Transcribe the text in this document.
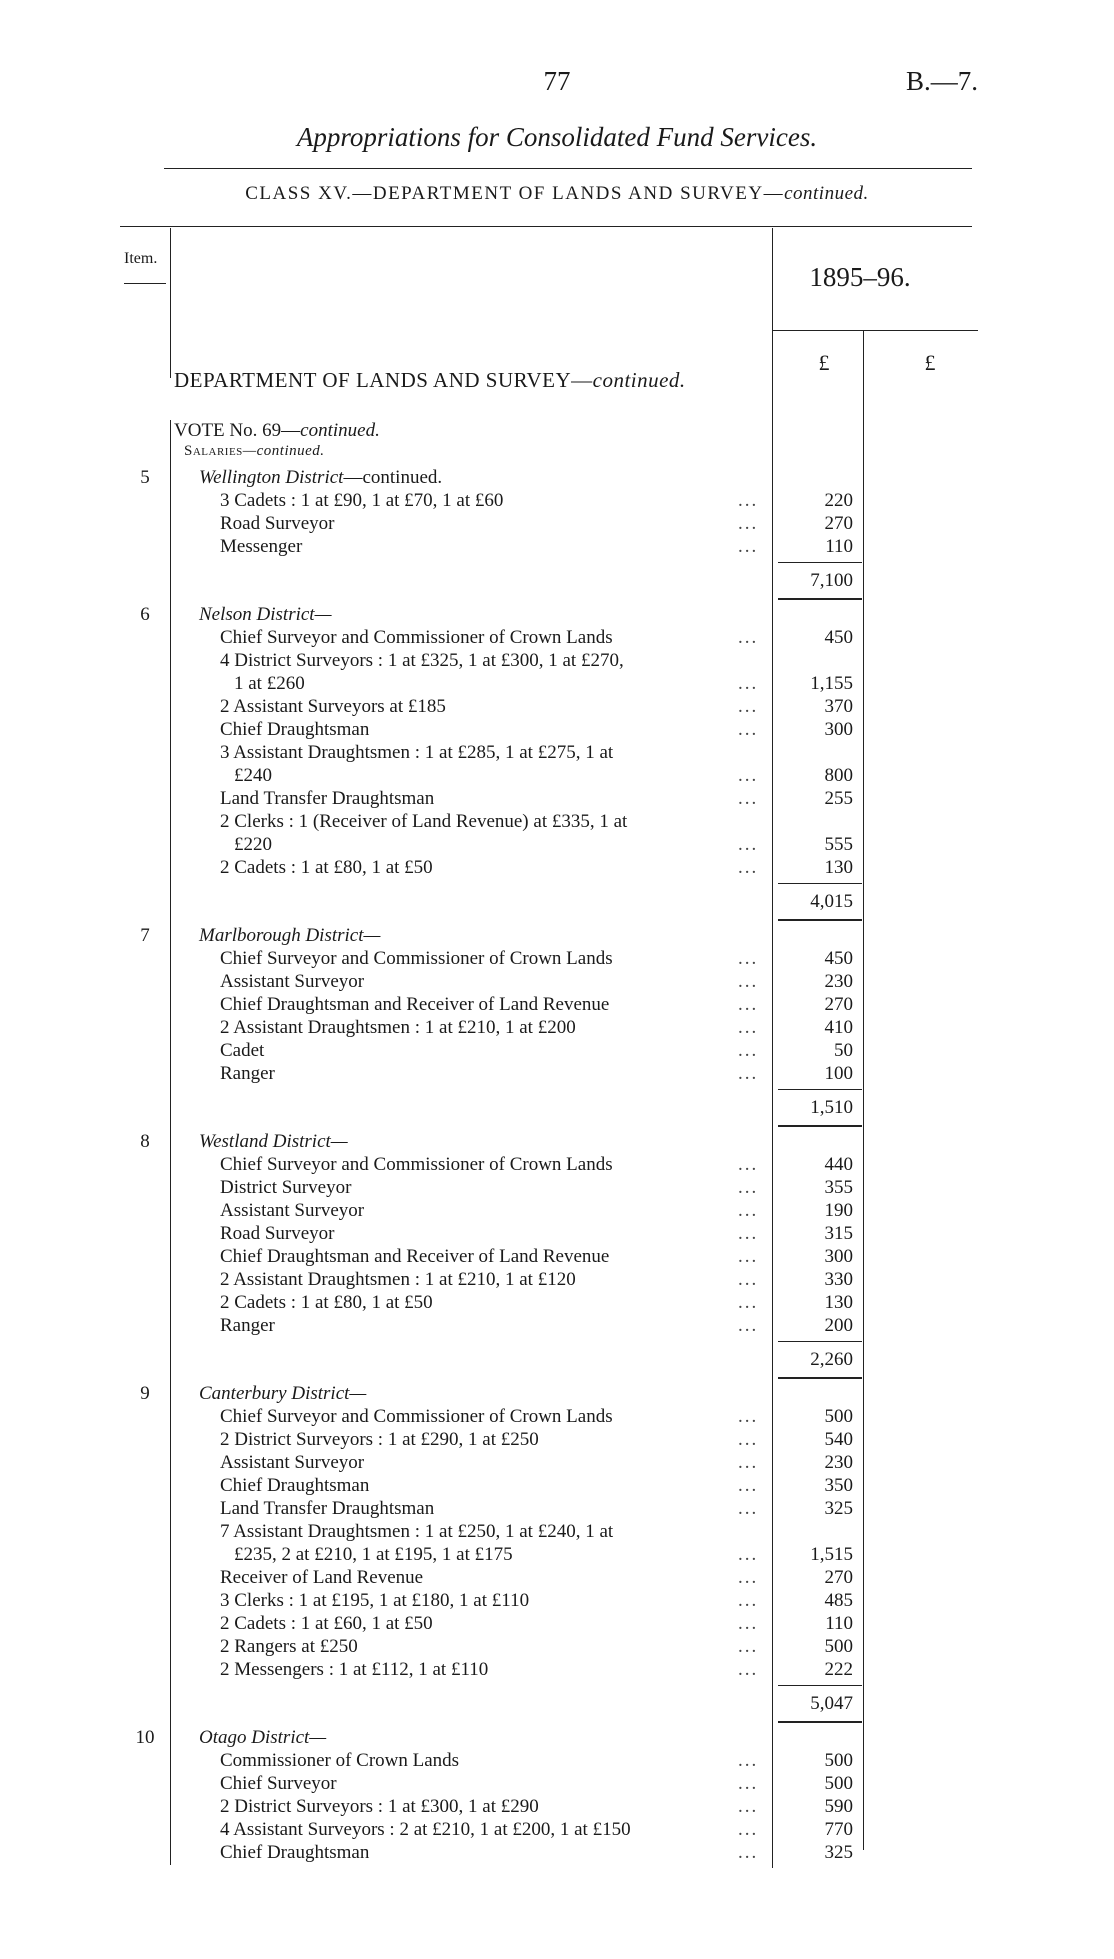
77	B.—7.
Appropriations for Consolidated Fund Services.
CLASS XV.—DEPARTMENT OF LANDS AND SURVEY—continued.
Item.
1895–96.
£	£
DEPARTMENT OF LANDS AND SURVEY—continued.
VOTE No. 69—continued.
Salaries—continued.
5	Wellington District—continued.
3 Cadets : 1 at £90, 1 at £70, 1 at £60	...	220
Road Surveyor	...	270
Messenger	...	110
7,100
6	Nelson District—
Chief Surveyor and Commissioner of Crown Lands	...	450
4 District Surveyors : 1 at £325, 1 at £300, 1 at £270,
1 at £260	...	1,155
2 Assistant Surveyors at £185	...	370
Chief Draughtsman	...	300
3 Assistant Draughtsmen : 1 at £285, 1 at £275, 1 at
£240	...	800
Land Transfer Draughtsman	...	255
2 Clerks : 1 (Receiver of Land Revenue) at £335, 1 at
£220	...	555
2 Cadets : 1 at £80, 1 at £50	...	130
4,015
7	Marlborough District—
Chief Surveyor and Commissioner of Crown Lands	...	450
Assistant Surveyor	...	230
Chief Draughtsman and Receiver of Land Revenue	...	270
2 Assistant Draughtsmen : 1 at £210, 1 at £200	...	410
Cadet	...	50
Ranger	...	100
1,510
8	Westland District—
Chief Surveyor and Commissioner of Crown Lands	...	440
District Surveyor	...	355
Assistant Surveyor	...	190
Road Surveyor	...	315
Chief Draughtsman and Receiver of Land Revenue	...	300
2 Assistant Draughtsmen : 1 at £210, 1 at £120	...	330
2 Cadets : 1 at £80, 1 at £50	...	130
Ranger	...	200
2,260
9	Canterbury District—
Chief Surveyor and Commissioner of Crown Lands	...	500
2 District Surveyors : 1 at £290, 1 at £250	...	540
Assistant Surveyor	...	230
Chief Draughtsman	...	350
Land Transfer Draughtsman	...	325
7 Assistant Draughtsmen : 1 at £250, 1 at £240, 1 at
£235, 2 at £210, 1 at £195, 1 at £175	...	1,515
Receiver of Land Revenue	...	270
3 Clerks : 1 at £195, 1 at £180, 1 at £110	...	485
2 Cadets : 1 at £60, 1 at £50	...	110
2 Rangers at £250	...	500
2 Messengers : 1 at £112, 1 at £110	...	222
5,047
10 Otago District—
Commissioner of Crown Lands	...	500
Chief Surveyor	...	500
2 District Surveyors : 1 at £300, 1 at £290	...	590
4 Assistant Surveyors : 2 at £210, 1 at £200, 1 at £150	...	770
Chief Draughtsman	...	325
